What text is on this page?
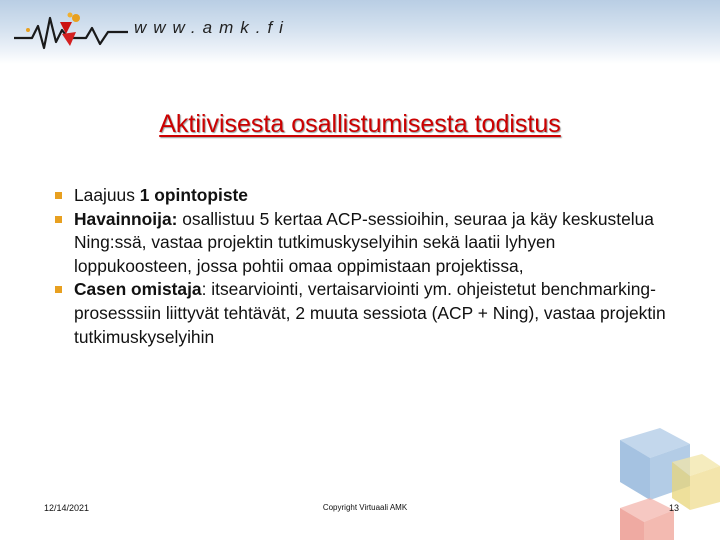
www.amk.fi
Aktiivisesta osallistumisesta todistus
Laajuus 1 opintopiste
Havainnoija: osallistuu 5 kertaa ACP-sessioihin, seuraa ja käy keskustelua Ning:ssä, vastaa projektin tutkimuskyselyihin sekä laatii lyhyen loppukoosteen, jossa pohtii omaa oppimistaan projektissa,
Casen omistaja: itsearviointi, vertaisarviointi ym. ohjeistetut benchmarking-prosesssiin liittyvät tehtävät, 2 muuta sessiota (ACP + Ning), vastaa projektin tutkimuskyselyihin
12/14/2021	Copyright Virtuaali AMK	13
